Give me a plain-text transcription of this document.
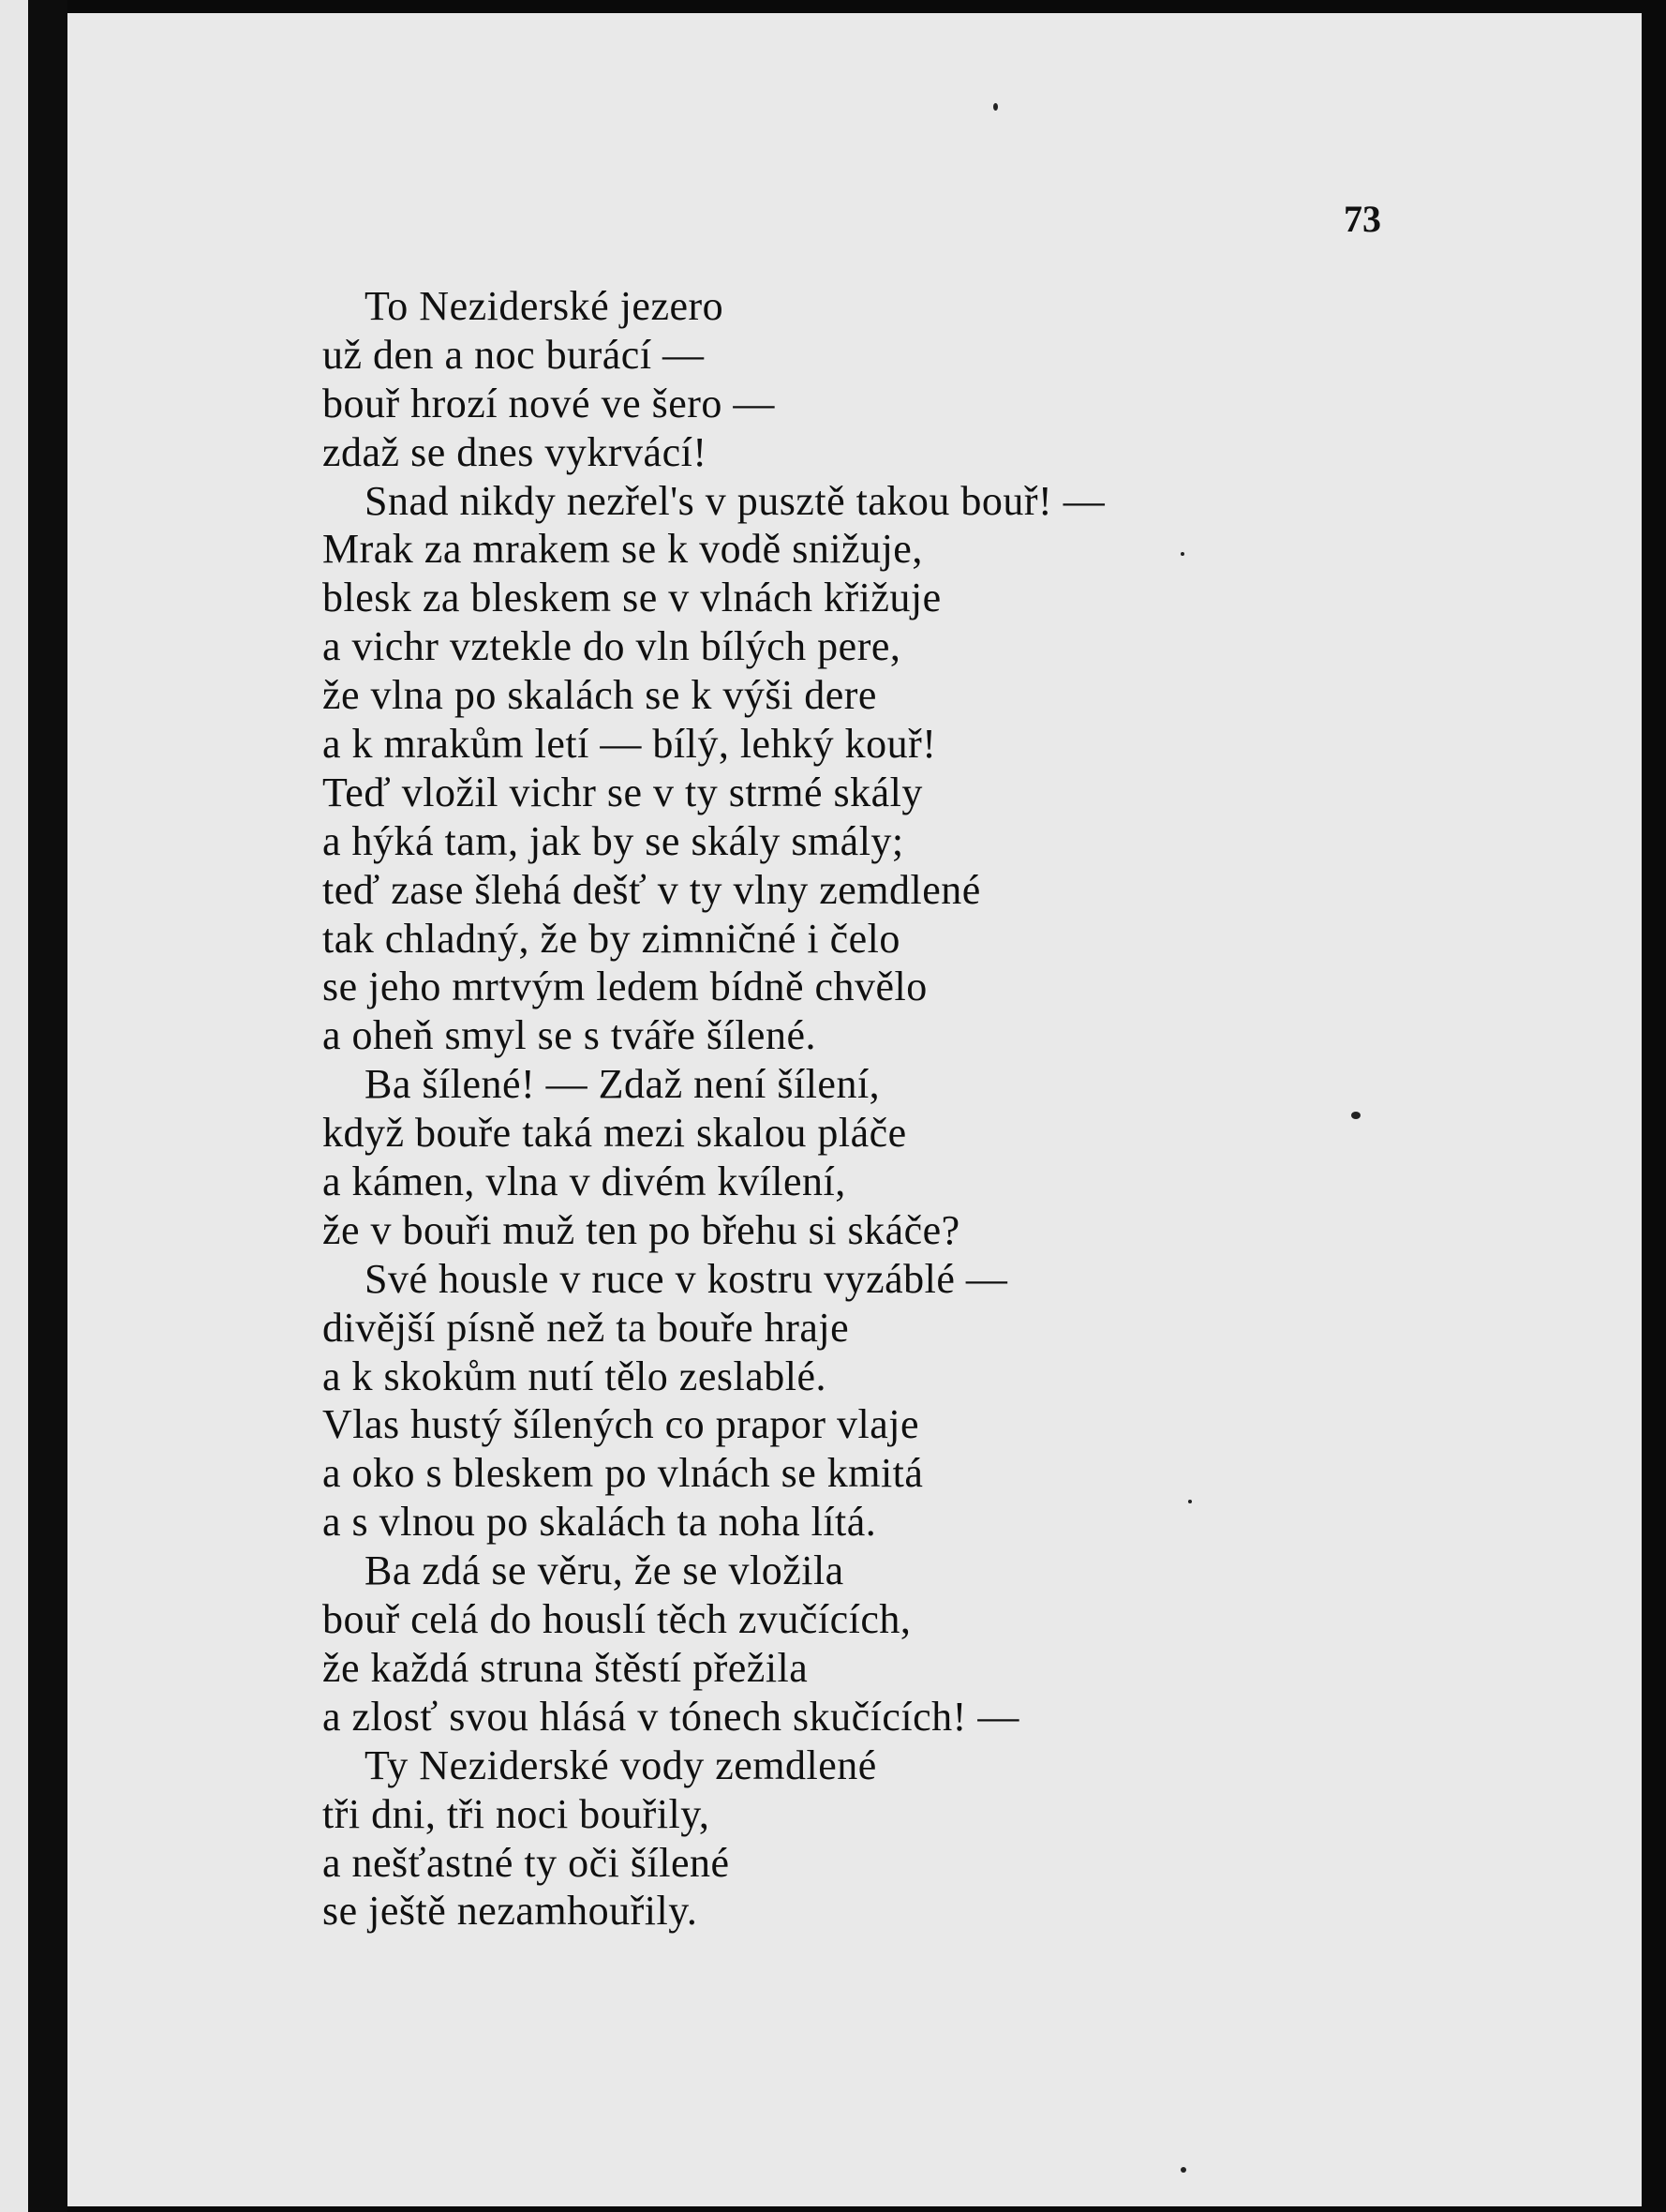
73

To Neziderské jezero
už den a noc burácí —
bouř hrozí nové ve šero —
zdaž se dnes vykrvácí!
Snad nikdy nezřel's v pusztě takou bouř! —
Mrak za mrakem se k vodě snižuje,
blesk za bleskem se v vlnách křižuje
a vichr vztekle do vln bílých pere,
že vlna po skalách se k výši dere
a k mrakům letí — bílý, lehký kouř!
Teď vložil vichr se v ty strmé skály
a hýká tam, jak by se skály smály;
teď zase šlehá dešť v ty vlny zemdlené
tak chladný, že by zimničné i čelo
se jeho mrtvým ledem bídně chvělo
a oheň smyl se s tváře šílené.
Ba šílené! — Zdaž není šílení,
když bouře taká mezi skalou pláče
a kámen, vlna v divém kvílení,
že v bouři muž ten po břehu si skáče?
Své housle v ruce v kostru vyzáblé —
divější písně než ta bouře hraje
a k skokům nutí tělo zeslablé.
Vlas hustý šílených co prapor vlaje
a oko s bleskem po vlnách se kmitá
a s vlnou po skalách ta noha lítá.
Ba zdá se věru, že se vložila
bouř celá do houslí těch zvučících,
že každá struna štěstí přežila
a zlosť svou hlásá v tónech skučících! —
Ty Neziderské vody zemdlené
tři dni, tři noci bouřily,
a nešťastné ty oči šílené
se ještě nezamhouřily.
